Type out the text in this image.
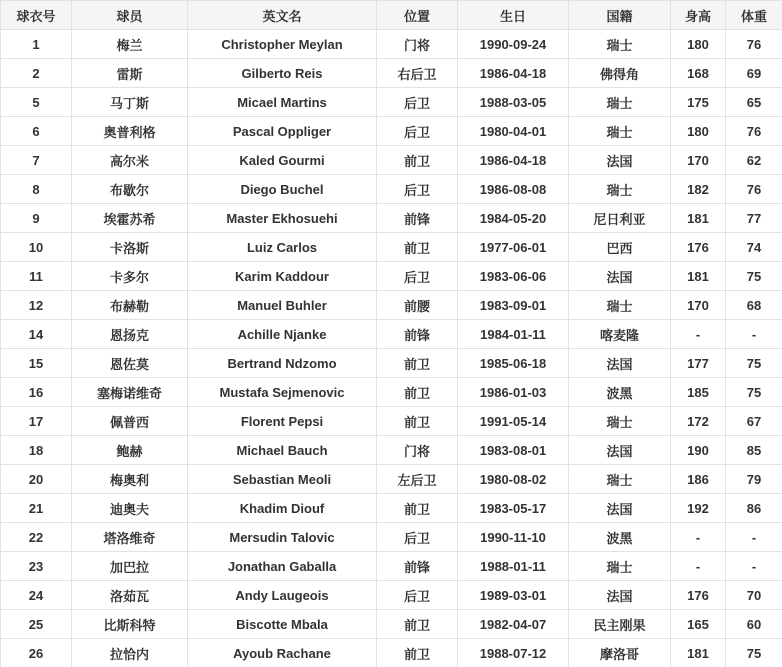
球衣号	球员	英文名	位置	生日	国籍	身高	体重
1	梅兰	Christopher Meylan	门将	1990-09-24	瑞士	180	76
2	雷斯	Gilberto Reis	右后卫	1986-04-18	佛得角	168	69
5	马丁斯	Micael Martins	后卫	1988-03-05	瑞士	175	65
6	奥普利格	Pascal Oppliger	后卫	1980-04-01	瑞士	180	76
7	高尔米	Kaled Gourmi	前卫	1986-04-18	法国	170	62
8	布歇尔	Diego Buchel	后卫	1986-08-08	瑞士	182	76
9	埃霍苏希	Master Ekhosuehi	前锋	1984-05-20	尼日利亚	181	77
10	卡洛斯	Luiz Carlos	前卫	1977-06-01	巴西	176	74
11	卡多尔	Karim Kaddour	后卫	1983-06-06	法国	181	75
12	布赫勒	Manuel Buhler	前腰	1983-09-01	瑞士	170	68
14	恩扬克	Achille Njanke	前锋	1984-01-11	喀麦隆	-	-
15	恩佐莫	Bertrand Ndzomo	前卫	1985-06-18	法国	177	75
16	塞梅诺维奇	Mustafa Sejmenovic	前卫	1986-01-03	波黑	185	75
17	佩普西	Florent Pepsi	前卫	1991-05-14	瑞士	172	67
18	鲍赫	Michael Bauch	门将	1983-08-01	法国	190	85
20	梅奥利	Sebastian Meoli	左后卫	1980-08-02	瑞士	186	79
21	迪奥夫	Khadim Diouf	前卫	1983-05-17	法国	192	86
22	塔洛维奇	Mersudin Talovic	后卫	1990-11-10	波黑	-	-
23	加巴拉	Jonathan Gaballa	前锋	1988-01-11	瑞士	-	-
24	洛茹瓦	Andy Laugeois	后卫	1989-03-01	法国	176	70
25	比斯科特	Biscotte Mbala	前卫	1982-04-07	民主刚果	165	60
26	拉恰内	Ayoub Rachane	前卫	1988-07-12	摩洛哥	181	75
